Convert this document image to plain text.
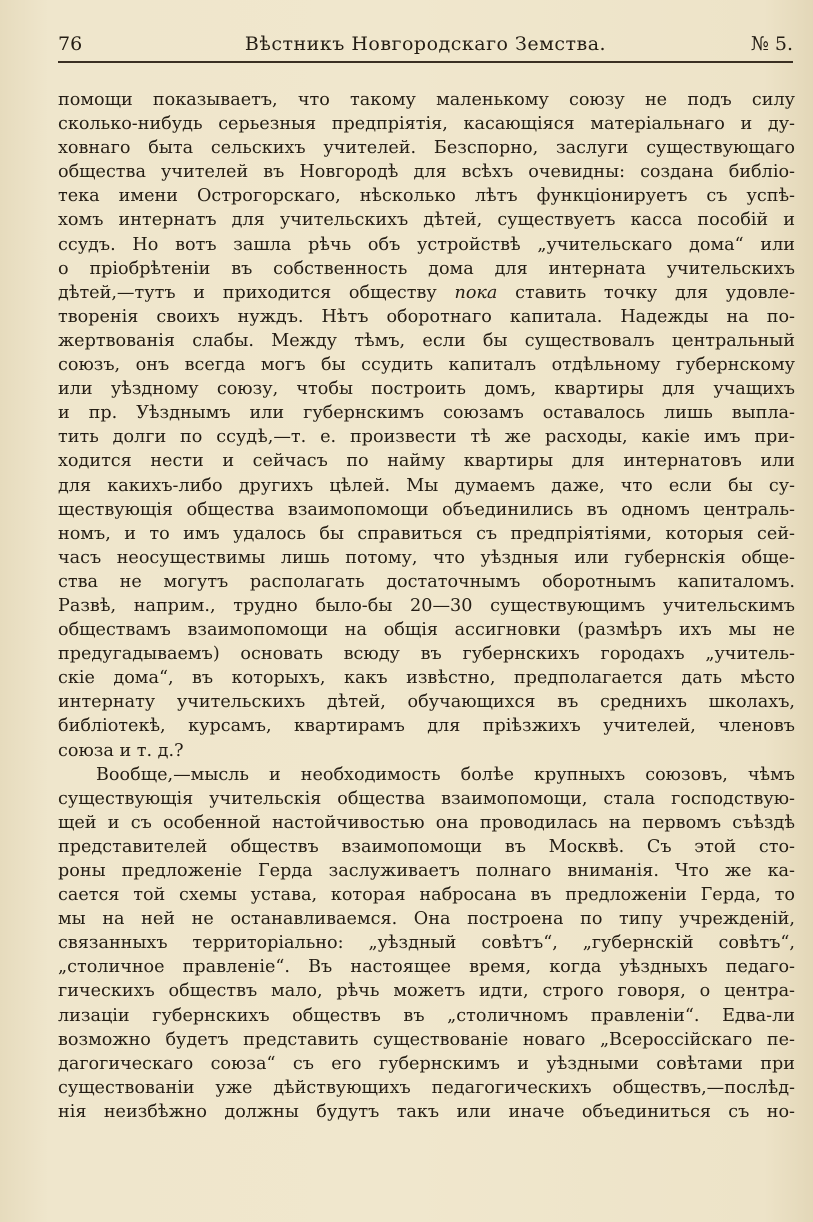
76	Вѣстникъ Новгородскаго Земства.	№ 5.
помощи показываетъ, что такому маленькому союзу не подъ силу
сколько-нибудь серьезныя предпріятія, касающіяся матеріальнаго и ду-
ховнаго быта сельскихъ учителей. Безспорно, заслуги существующаго
общества учителей въ Новгородѣ для всѣхъ очевидны: создана библіо-
тека имени Острогорскаго, нѣсколько лѣтъ функціонируетъ съ успѣ-
хомъ интернатъ для учительскихъ дѣтей, существуетъ касса пособій и
ссудъ. Но вотъ зашла рѣчь объ устройствѣ „учительскаго дома“ или
о пріобрѣтеніи въ собственность дома для интерната учительскихъ
дѣтей,—тутъ и приходится обществу пока ставить точку для удовле-
творенія своихъ нуждъ. Нѣтъ оборотнаго капитала. Надежды на по-
жертвованія слабы. Между тѣмъ, если бы существовалъ центральный
союзъ, онъ всегда могъ бы ссудить капиталъ отдѣльному губернскому
или уѣздному союзу, чтобы построить домъ, квартиры для учащихъ
и пр. Уѣзднымъ или губернскимъ союзамъ оставалось лишь выпла-
тить долги по ссудѣ,—т. е. произвести тѣ же расходы, какіе имъ при-
ходится нести и сейчасъ по найму квартиры для интернатовъ или
для какихъ-либо другихъ цѣлей. Мы думаемъ даже, что если бы су-
ществующія общества взаимопомощи объединились въ одномъ централь-
номъ, и то имъ удалось бы справиться съ предпріятіями, которыя сей-
часъ неосуществимы лишь потому, что уѣздныя или губернскія обще-
ства не могутъ располагать достаточнымъ оборотнымъ капиталомъ.
Развѣ, наприм., трудно было-бы 20—30 существующимъ учительскимъ
обществамъ взаимопомощи на общія ассигновки (размѣръ ихъ мы не
предугадываемъ) основать всюду въ губернскихъ городахъ „учитель-
скіе дома“, въ которыхъ, какъ извѣстно, предполагается дать мѣсто
интернату учительскихъ дѣтей, обучающихся въ среднихъ школахъ,
библіотекѣ, курсамъ, квартирамъ для пріѣзжихъ учителей, членовъ
союза и т. д.?
Вообще,—мысль и необходимость болѣе крупныхъ союзовъ, чѣмъ
существующія учительскія общества взаимопомощи, стала господствую-
щей и съ особенной настойчивостью она проводилась на первомъ съѣздѣ
представителей обществъ взаимопомощи въ Москвѣ. Съ этой сто-
роны предложеніе Герда заслуживаетъ полнаго вниманія. Что же ка-
сается той схемы устава, которая набросана въ предложеніи Герда, то
мы на ней не останавливаемся. Она построена по типу учрежденій,
связанныхъ территоріально: „уѣздный совѣтъ“, „губернскій совѣтъ“,
„столичное правленіе“. Въ настоящее время, когда уѣздныхъ педаго-
гическихъ обществъ мало, рѣчь можетъ идти, строго говоря, о центра-
лизаціи губернскихъ обществъ въ „столичномъ правленіи“. Едва-ли
возможно будетъ представить существованіе новаго „Всероссійскаго пе-
дагогическаго союза“ съ его губернскимъ и уѣздными совѣтами при
существованіи уже дѣйствующихъ педагогическихъ обществъ,—послѣд-
нія неизбѣжно должны будутъ такъ или иначе объединиться съ но-
